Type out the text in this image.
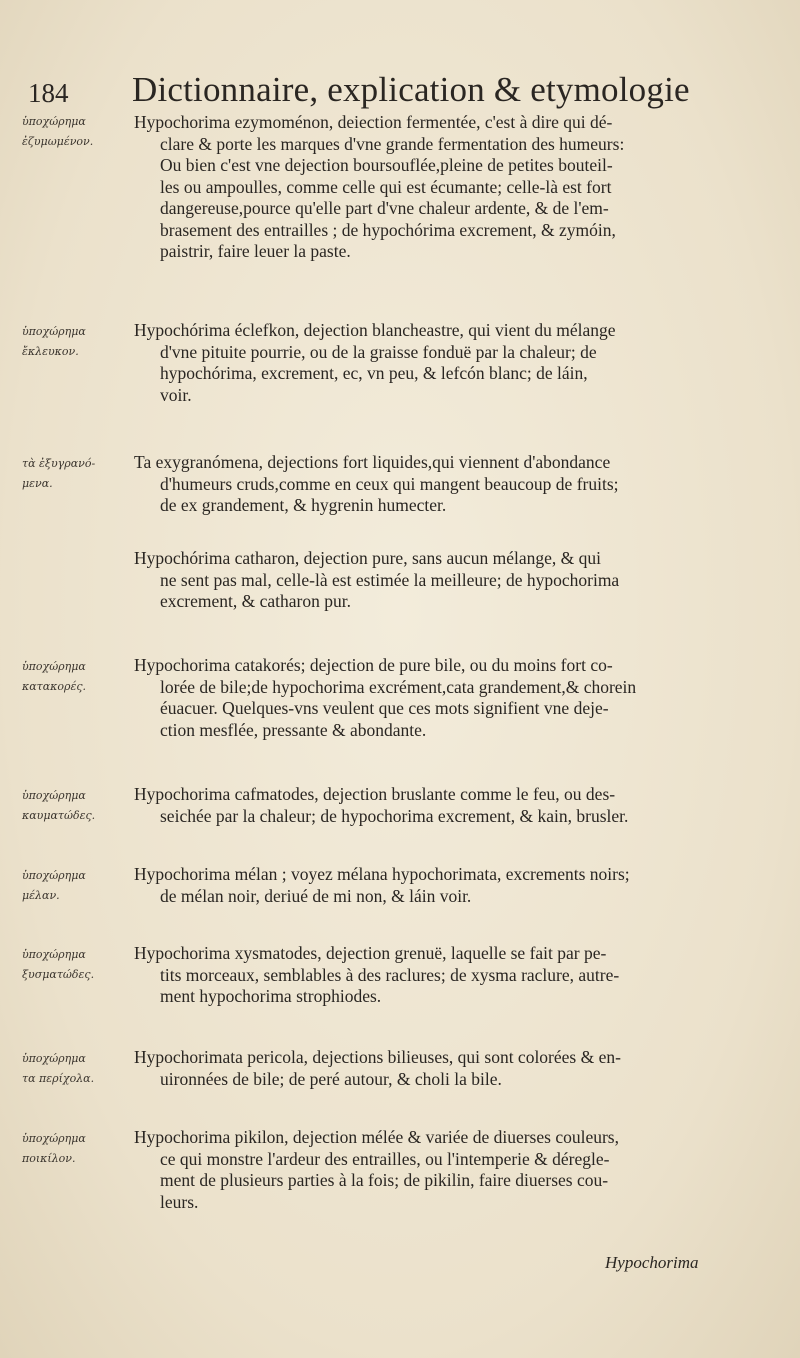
184 Dictionnaire, explication & etymologie
ὑποχώρημα
ἐζυμωμένον.
Hypochorima ezymoménon, deiection fermentée, c'est à dire qui dé-
clare & porte les marques d'vne grande fermentation des humeurs:
Ou bien c'est vne dejection boursouflée,pleine de petites bouteil-
les ou ampoulles, comme celle qui est écumante; celle-là est fort
dangereuse,pource qu'elle part d'vne chaleur ardente, & de l'em-
brasement des entrailles ; de hypochórima excrement, & zymóin,
paistrir, faire leuer la paste.
ὑποχώρημα
ἔκλευκον.
Hypochórima éclefkon, dejection blancheastre, qui vient du mélange
d'vne pituite pourrie, ou de la graisse fonduë par la chaleur; de
hypochórima, excrement, ec, vn peu, & lefcón blanc; de láin,
voir.
τὰ ἐξυγρανό-
μενα.
Ta exygranómena, dejections fort liquides,qui viennent d'abondance
d'humeurs cruds,comme en ceux qui mangent beaucoup de fruits;
de ex grandement, & hygrenin humecter.
Hypochórima catharon, dejection pure, sans aucun mélange, & qui
ne sent pas mal, celle-là est estimée la meilleure; de hypochorima
excrement, & catharon pur.
ὑποχώρημα
κατακορές.
Hypochorima catakorés; dejection de pure bile, ou du moins fort co-
lorée de bile;de hypochorima excrément,cata grandement,& chorein
éuacuer. Quelques-vns veulent que ces mots signifient vne deje-
ction mesflée, pressante & abondante.
ὑποχώρημα
καυματώδες.
Hypochorima cafmatodes, dejection bruslante comme le feu, ou des-
seichée par la chaleur; de hypochorima excrement, & kain, brusler.
ὑποχώρημα
μέλαν.
Hypochorima mélan ; voyez mélana hypochorimata, excrements noirs;
de mélan noir, deriué de mi non, & láin voir.
ὑποχώρημα
ξυσματώδες.
Hypochorima xysmatodes, dejection grenuë, laquelle se fait par pe-
tits morceaux, semblables à des raclures; de xysma raclure, autre-
ment hypochorima strophiodes.
ὑποχώρημα
τα περίχολα.
Hypochorimata pericola, dejections bilieuses, qui sont colorées & en-
uironnées de bile; de peré autour, & choli la bile.
ὑποχώρημα
ποικίλον.
Hypochorima pikilon, dejection mélée & variée de diuerses couleurs,
ce qui monstre l'ardeur des entrailles, ou l'intemperie & déregle-
ment de plusieurs parties à la fois; de pikilin, faire diuerses cou-
leurs.
Hypochorima
